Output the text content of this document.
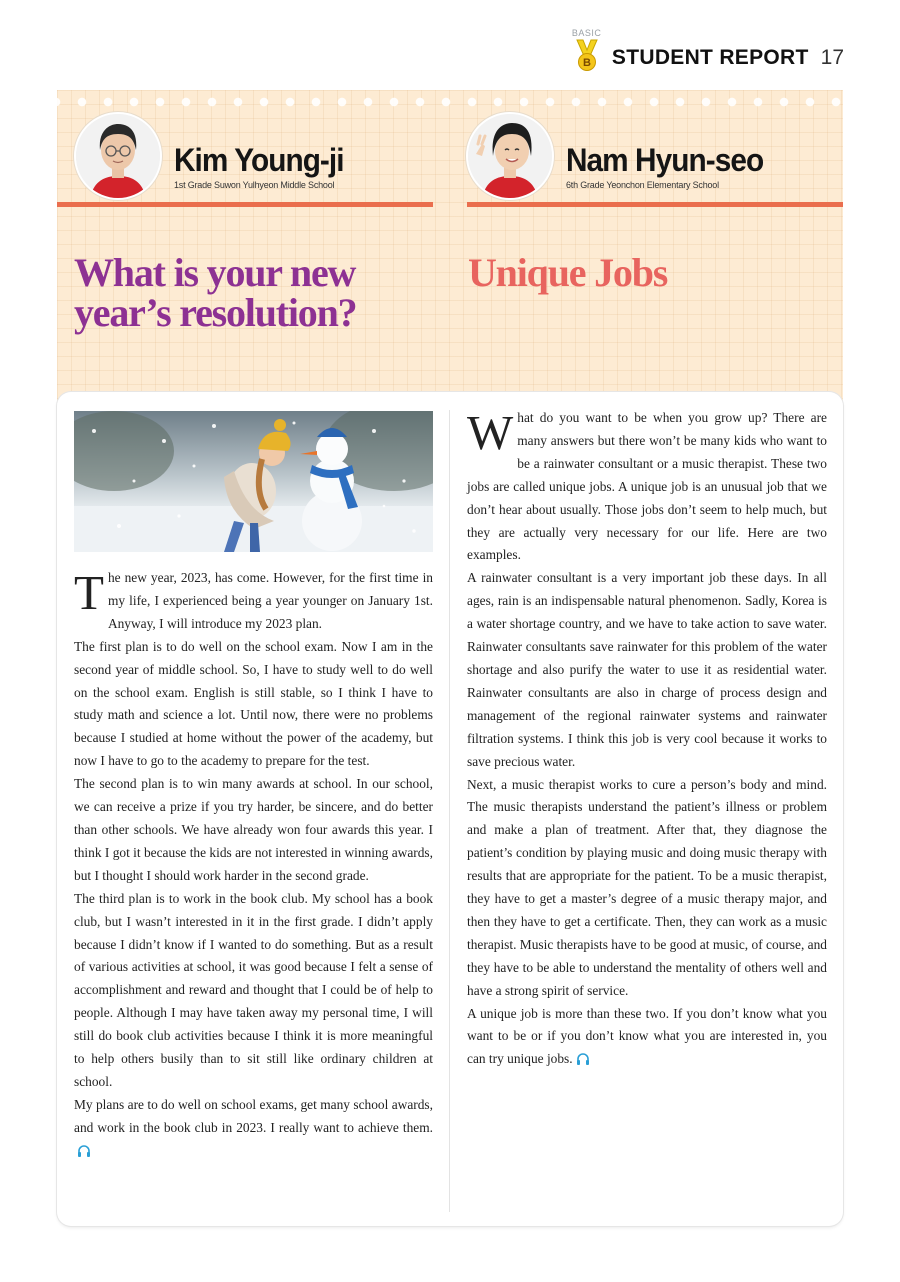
BASIC
B STUDENT REPORT 17
Kim Young-ji
1st Grade Suwon Yulhyeon Middle School
Nam Hyun-seo
6th Grade Yeonchon Elementary School
What is your new year’s resolution?
Unique Jobs

The new year, 2023, has come. However, for the first time in my life, I experienced being a year younger on January 1st. Anyway, I will introduce my 2023 plan.

The first plan is to do well on the school exam. Now I am in the second year of middle school. So, I have to study well to do well on the school exam. English is still stable, so I think I have to study math and science a lot. Until now, there were no problems because I studied at home without the power of the academy, but now I have to go to the academy to prepare for the test.

The second plan is to win many awards at school. In our school, we can receive a prize if you try harder, be sincere, and do better than other schools. We have already won four awards this year. I think I got it because the kids are not interested in winning awards, but I thought I should work harder in the second grade.

The third plan is to work in the book club. My school has a book club, but I wasn’t interested in it in the first grade. I didn’t apply because I didn’t know if I wanted to do something. But as a result of various activities at school, it was good because I felt a sense of accomplishment and reward and thought that I could be of help to people. Although I may have taken away my personal time, I will still do book club activities because I think it is more meaningful to help others busily than to sit still like ordinary children at school.

My plans are to do well on school exams, get many school awards, and work in the book club in 2023. I really want to achieve them.

What do you want to be when you grow up? There are many answers but there won’t be many kids who want to be a rainwater consultant or a music therapist. These two jobs are called unique jobs. A unique job is an unusual job that we don’t hear about usually. Those jobs don’t seem to help much, but they are actually very necessary for our life. Here are two examples.

A rainwater consultant is a very important job these days. In all ages, rain is an indispensable natural phenomenon. Sadly, Korea is a water shortage country, and we have to take action to save water. Rainwater consultants save rainwater for this problem of the water shortage and also purify the water to use it as residential water. Rainwater consultants are also in charge of process design and management of the regional rainwater systems and rainwater filtration systems. I think this job is very cool because it works to save precious water.

Next, a music therapist works to cure a person’s body and mind. The music therapists understand the patient’s illness or problem and make a plan of treatment. After that, they diagnose the patient’s condition by playing music and doing music therapy with results that are appropriate for the patient. To be a music therapist, they have to get a master’s degree of a music therapy major, and then they have to get a certificate. Then, they can work as a music therapist. Music therapists have to be good at music, of course, and they have to be able to understand the mentality of others well and have a strong spirit of service.

A unique job is more than these two. If you don’t know what you want to be or if you don’t know what you are interested in, you can try unique jobs.
